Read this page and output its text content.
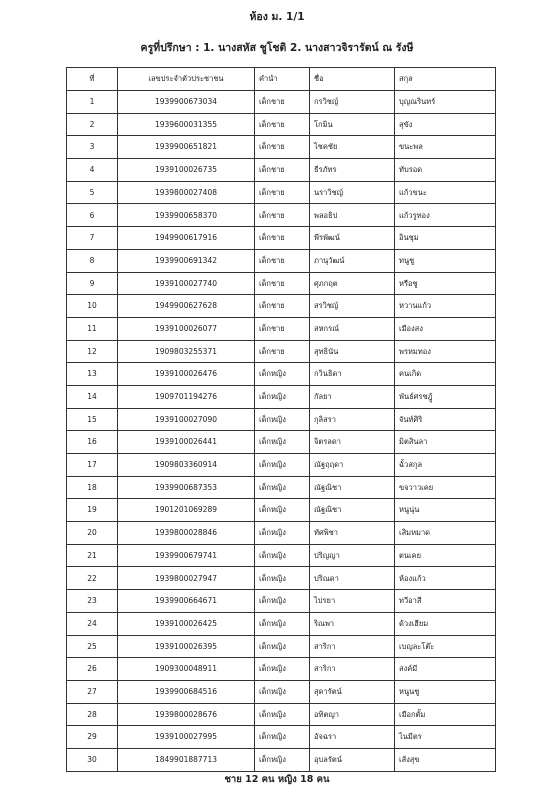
ห้อง ม. 1/1
ครูที่ปรึกษา : 1. นางสหัส ชูโชติ 2. นางสาวจิรารัตน์ ณ รังษี
ที่	เลขประจำตัวประชาชน	คำนำ	ชื่อ	สกุล
1	1939900673034	เด็กชาย	กรวิชญ์	บุญณรินทร์
2	1939600031355	เด็กชาย	โกมิน	สุขัง
3	1939900651821	เด็กชาย	ไชคชัย	ขนะพล
4	1939100026735	เด็กชาย	ธีรภัทร	ทับรอด
5	1939800027408	เด็กชาย	นราวิชญ์	แก้วขนะ
6	1939900658370	เด็กชาย	พลอธิป	แก้วรูทอง
7	1949900617916	เด็กชาย	พีรพัฒน์	อินชุม
8	1939900691342	เด็กชาย	ภานุวัฒน์	ทนูชู
9	1939100027740	เด็กชาย	ศุภกฤต	หรือชู
10	1949900627628	เด็กชาย	สรวิชญ์	หวานแก้ว
11	1939100026077	เด็กชาย	สหกรณ์	เมืองสง
12	1909803255371	เด็กชาย	สุทธินัน	พรหมทอง
13	1939100026476	เด็กหญิง	กวินธิดา	คนเกิด
14	1909701194276	เด็กหญิง	กัลยา	พันธ์ศรชฎู้
15	1939100027090	เด็กหญิง	กุลิสรา	จันท์ศิริ
16	1939100026441	เด็กหญิง	จิตรลดา	มิตสินลา
17	1909803360914	เด็กหญิง	ณัฐฤฤดา	ฉั้วสกุล
18	1939900687353	เด็กหญิง	ณัฐณิชา	ขจวาวเคย
19	1901201069289	เด็กหญิง	ณัฐณิชา	หนูนุ่น
20	1939800028846	เด็กหญิง	ทัศพิชา	เสิมหมาด
21	1939900679741	เด็กหญิง	ปริญญา	ตนเคย
22	1939800027947	เด็กหญิง	ปริณดา	ห้องแก้ว
23	1939900664671	เด็กหญิง	ไปรยา	ทวีอาสี
24	1939100026425	เด็กหญิง	ริณพา	ด้วงเฮียม
25	1939100026395	เด็กหญิง	สาริกา	เบญละโต๊ะ
26	1909300048911	เด็กหญิง	สาริกา	สงค์มี
27	1939900684516	เด็กหญิง	สุดารัตน์	หนูนชู
28	1939800028676	เด็กหญิง	อทิตญา	เมือกตั้ม
29	1939100027995	เด็กหญิง	อัจฉรา	ไนมีตร
30	1849901887713	เด็กหญิง	อุบลรัตน์	เส้งสุข
ชาย 12 คน หญิง 18 คน
